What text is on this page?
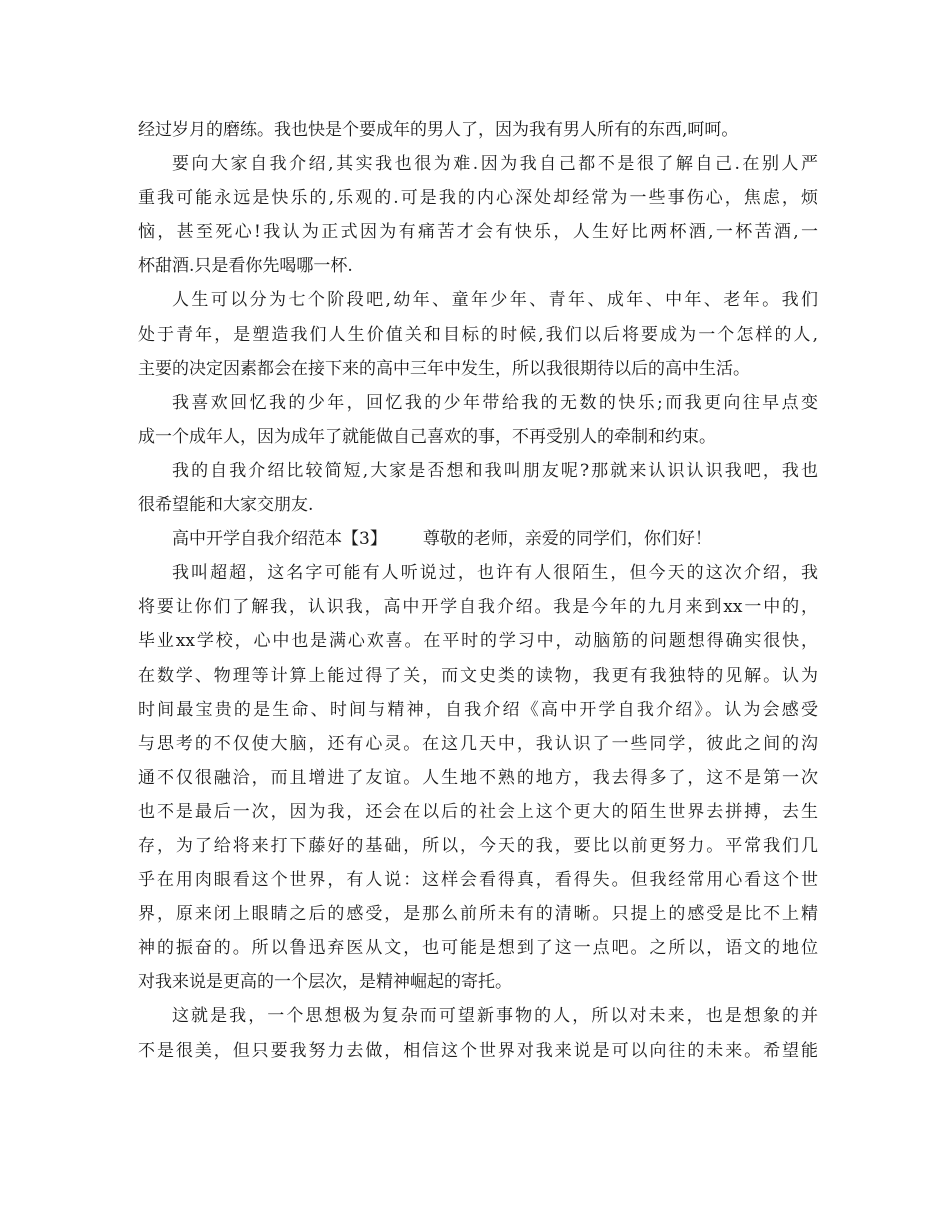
经过岁月的磨练。我也快是个要成年的男人了，因为我有男人所有的东西,呵呵。
要向大家自我介绍,其实我也很为难.因为我自己都不是很了解自己.在别人严
重我可能永远是快乐的,乐观的.可是我的内心深处却经常为一些事伤心，焦虑，烦
恼，甚至死心!我认为正式因为有痛苦才会有快乐，人生好比两杯酒,一杯苦酒,一
杯甜酒.只是看你先喝哪一杯.
人生可以分为七个阶段吧,幼年、童年少年、青年、成年、中年、老年。我们
处于青年，是塑造我们人生价值关和目标的时候,我们以后将要成为一个怎样的人,
主要的决定因素都会在接下来的高中三年中发生，所以我很期待以后的高中生活。
我喜欢回忆我的少年，回忆我的少年带给我的无数的快乐;而我更向往早点变
成一个成年人，因为成年了就能做自己喜欢的事，不再受别人的牵制和约束。
我的自我介绍比较简短,大家是否想和我叫朋友呢?那就来认识认识我吧，我也
很希望能和大家交朋友.
高中开学自我介绍范本【3】 尊敬的老师，亲爱的同学们，你们好！
我叫超超，这名字可能有人听说过，也许有人很陌生，但今天的这次介绍，我
将要让你们了解我，认识我，高中开学自我介绍。我是今年的九月来到xx一中的，
毕业xx学校，心中也是满心欢喜。在平时的学习中，动脑筋的问题想得确实很快，
在数学、物理等计算上能过得了关，而文史类的读物，我更有我独特的见解。认为
时间最宝贵的是生命、时间与精神，自我介绍《高中开学自我介绍》。认为会感受
与思考的不仅使大脑，还有心灵。在这几天中，我认识了一些同学，彼此之间的沟
通不仅很融洽，而且增进了友谊。人生地不熟的地方，我去得多了，这不是第一次
也不是最后一次，因为我，还会在以后的社会上这个更大的陌生世界去拼搏，去生
存，为了给将来打下藤好的基础，所以，今天的我，要比以前更努力。平常我们几
乎在用肉眼看这个世界，有人说：这样会看得真，看得失。但我经常用心看这个世
界，原来闭上眼睛之后的感受，是那么前所未有的清晰。只提上的感受是比不上精
神的振奋的。所以鲁迅弃医从文，也可能是想到了这一点吧。之所以，语文的地位
对我来说是更高的一个层次，是精神崛起的寄托。
这就是我，一个思想极为复杂而可望新事物的人，所以对未来，也是想象的并
不是很美，但只要我努力去做，相信这个世界对我来说是可以向往的未来。希望能
